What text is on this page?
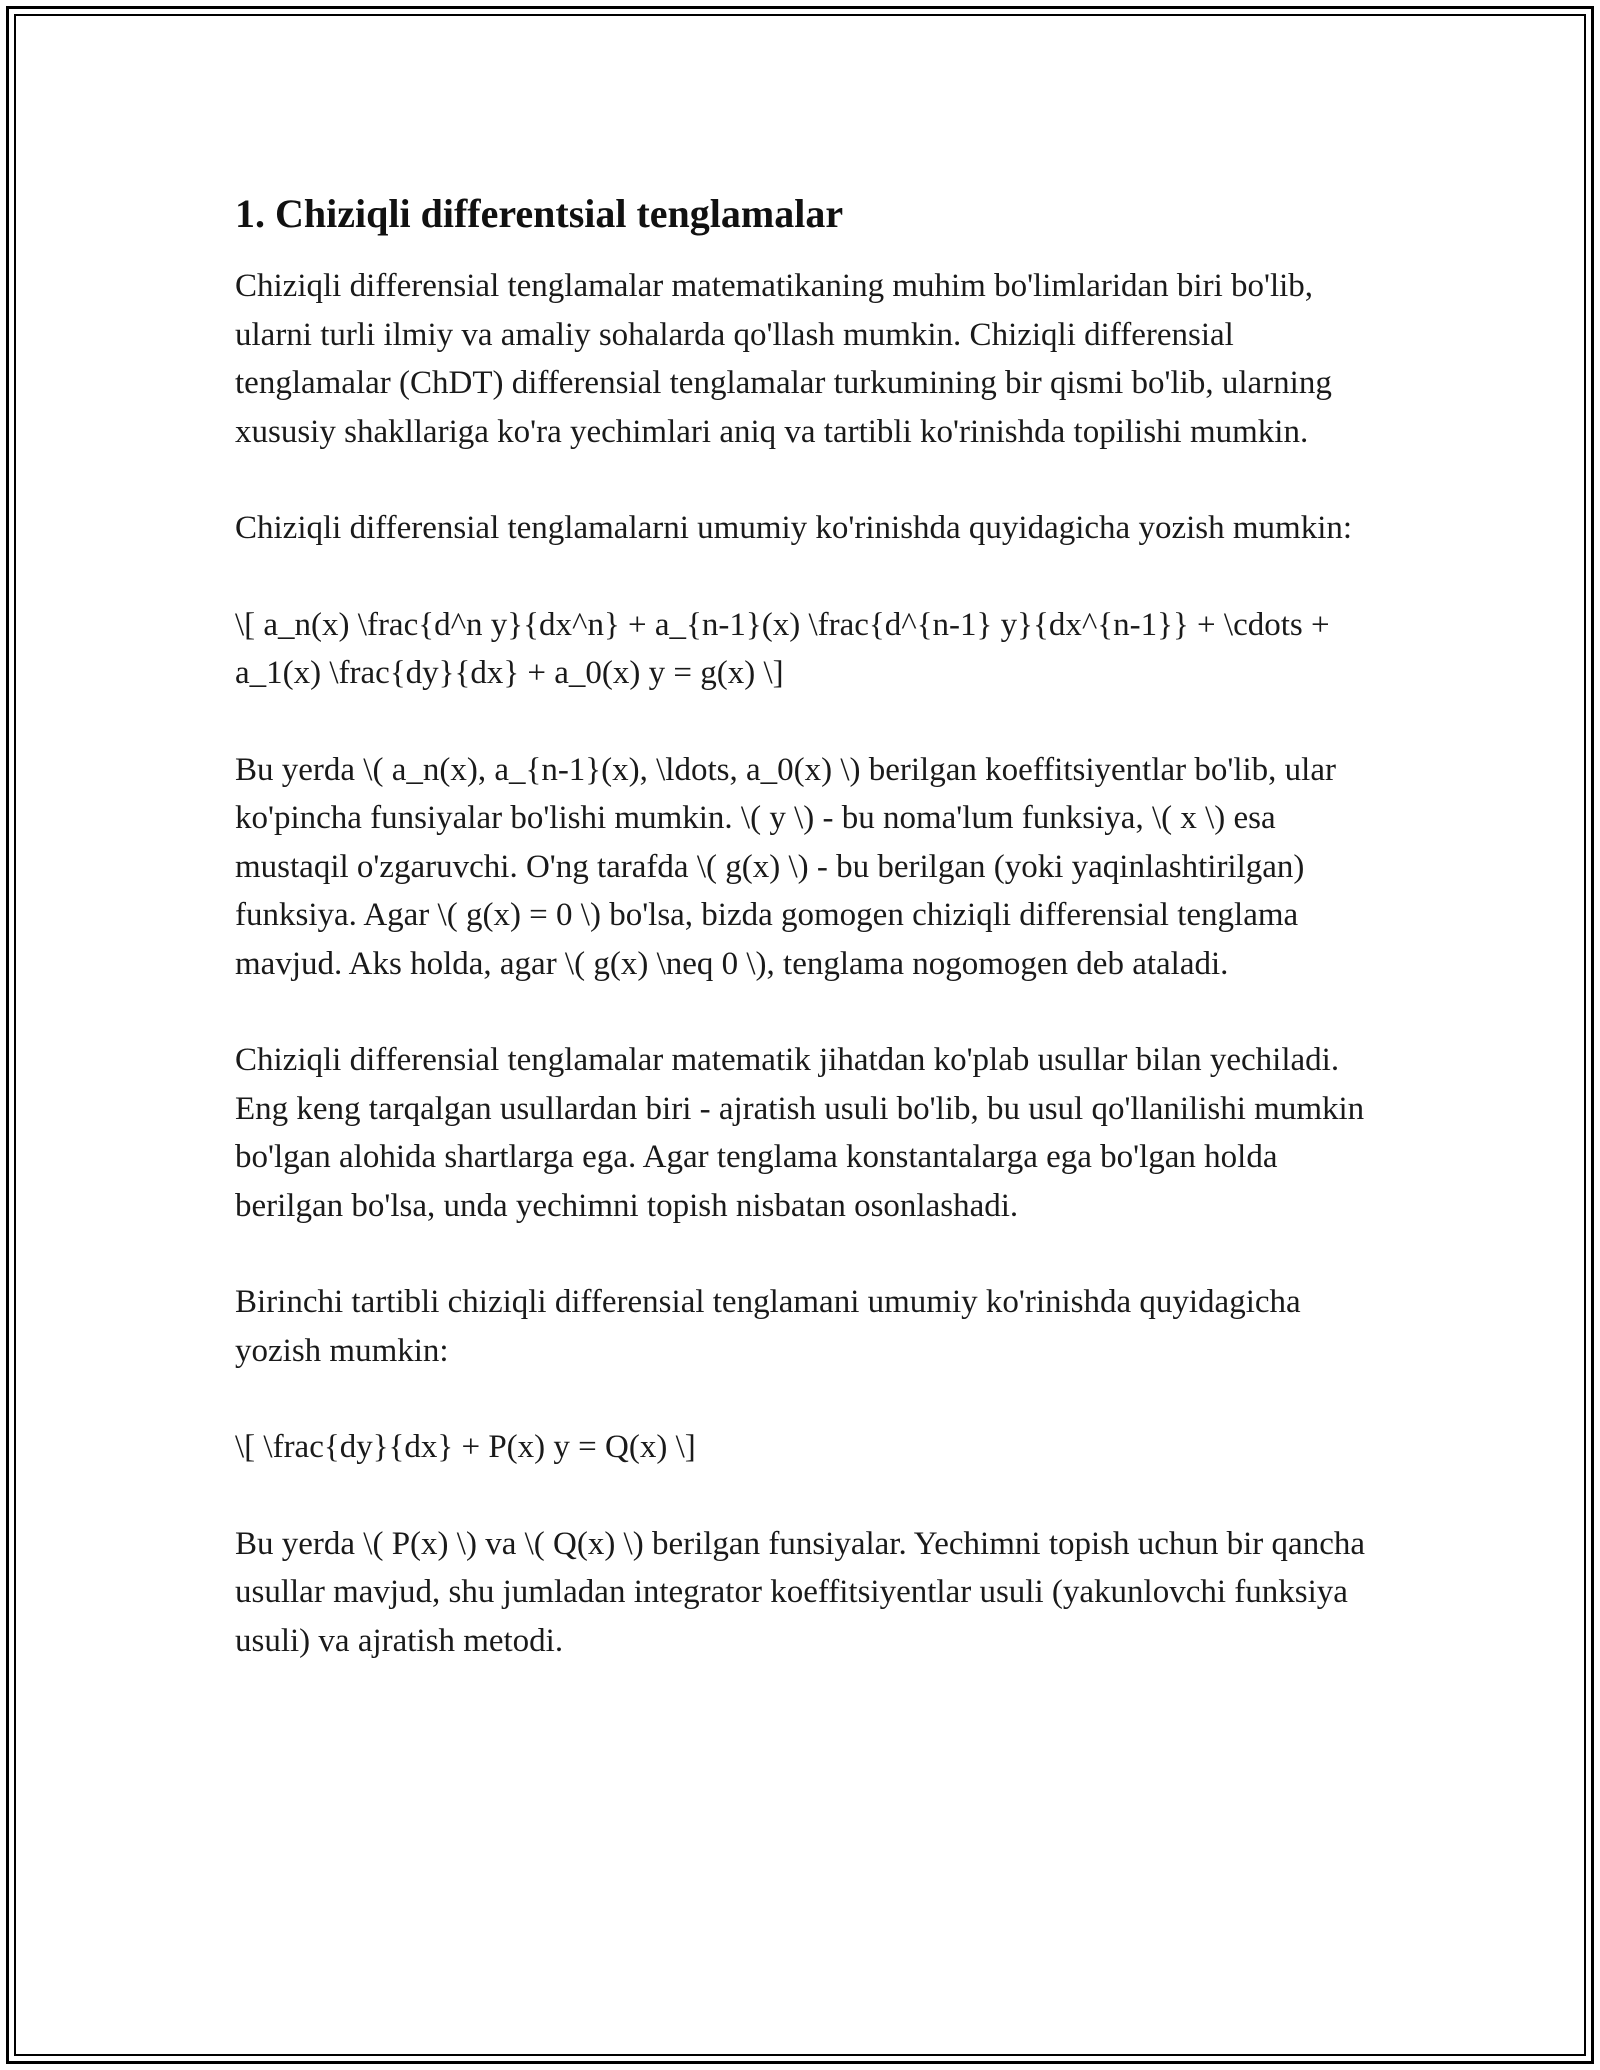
1. Chiziqli differentsial tenglamalar

Chiziqli differensial tenglamalar matematikaning muhim bo'limlaridan biri bo'lib, ularni turli ilmiy va amaliy sohalarda qo'llash mumkin. Chiziqli differensial tenglamalar (ChDT) differensial tenglamalar turkumining bir qismi bo'lib, ularning xususiy shakllariga ko'ra yechimlari aniq va tartibli ko'rinishda topilishi mumkin.

Chiziqli differensial tenglamalarni umumiy ko'rinishda quyidagicha yozish mumkin:

\[ a_n(x) \frac{d^n y}{dx^n} + a_{n-1}(x) \frac{d^{n-1} y}{dx^{n-1}} + \cdots + a_1(x) \frac{dy}{dx} + a_0(x) y = g(x) \]

Bu yerda \( a_n(x), a_{n-1}(x), \ldots, a_0(x) \) berilgan koeffitsiyentlar bo'lib, ular ko'pincha funsiyalar bo'lishi mumkin. \( y \) - bu noma'lum funksiya, \( x \) esa mustaqil o'zgaruvchi. O'ng tarafda \( g(x) \) - bu berilgan (yoki yaqinlashtirilgan) funksiya. Agar \( g(x) = 0 \) bo'lsa, bizda gomogen chiziqli differensial tenglama mavjud. Aks holda, agar \( g(x) \neq 0 \), tenglama nogomogen deb ataladi.

Chiziqli differensial tenglamalar matematik jihatdan ko'plab usullar bilan yechiladi. Eng keng tarqalgan usullardan biri - ajratish usuli bo'lib, bu usul qo'llanilishi mumkin bo'lgan alohida shartlarga ega. Agar tenglama konstantalarga ega bo'lgan holda berilgan bo'lsa, unda yechimni topish nisbatan osonlashadi.

Birinchi tartibli chiziqli differensial tenglamani umumiy ko'rinishda quyidagicha yozish mumkin:

\[ \frac{dy}{dx} + P(x) y = Q(x) \]

Bu yerda \( P(x) \) va \( Q(x) \) berilgan funsiyalar. Yechimni topish uchun bir qancha usullar mavjud, shu jumladan integrator koeffitsiyentlar usuli (yakunlovchi funksiya usuli) va ajratish metodi.
